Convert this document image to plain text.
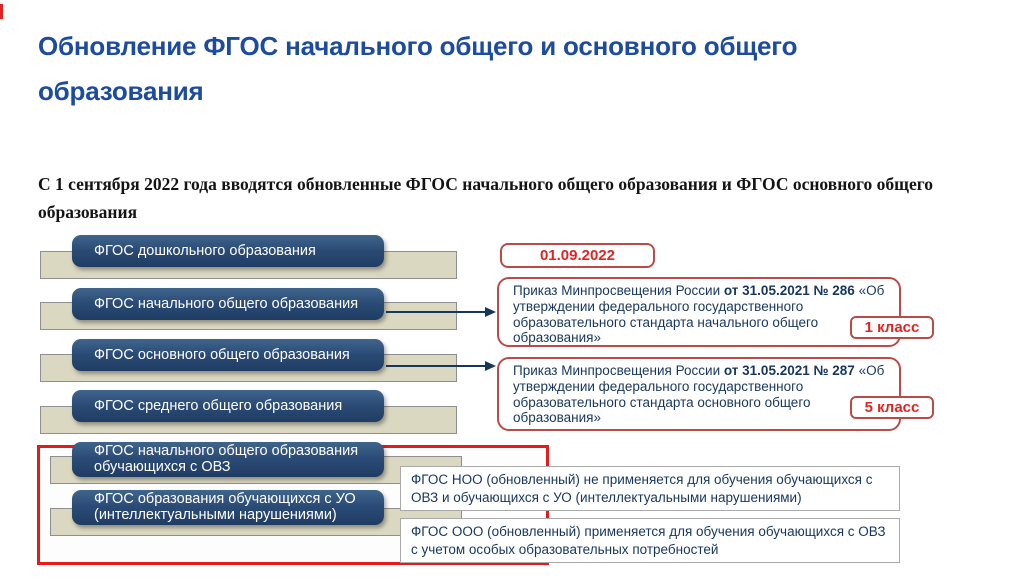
Обновление ФГОС начального общего и основного общего образования
С 1 сентября 2022 года вводятся обновленные ФГОС начального общего образования и ФГОС основного общего образования
ФГОС дошкольного образования
ФГОС начального общего образования
ФГОС основного общего образования
ФГОС среднего общего образования
ФГОС начального общего образования обучающихся с ОВЗ
ФГОС образования обучающихся с УО (интеллектуальными нарушениями)
01.09.2022
Приказ Минпросвещения России от 31.05.2021 № 286 «Об утверждении федерального государственного образовательного стандарта начального общего образования»
1 класс
Приказ Минпросвещения России от 31.05.2021 № 287 «Об утверждении федерального государственного образовательного стандарта основного общего образования»
5 класс
ФГОС НОО (обновленный) не применяется для обучения обучающихся с ОВЗ и обучающихся с УО (интеллектуальными нарушениями)
ФГОС ООО (обновленный) применяется для обучения обучающихся с ОВЗ с учетом особых образовательных потребностей
